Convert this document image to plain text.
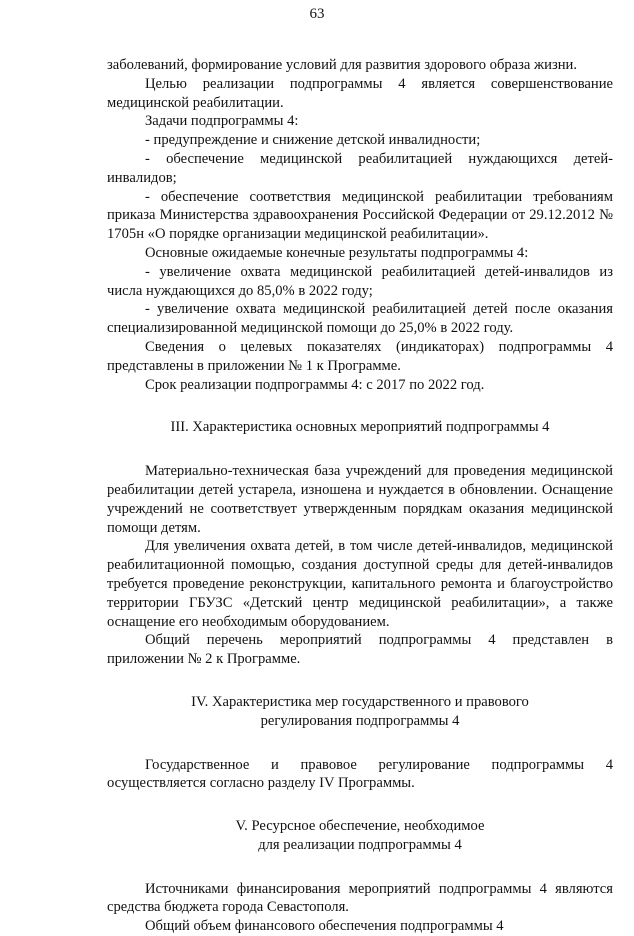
63

заболеваний, формирование условий для развития здорового образа жизни.

Целью реализации подпрограммы 4 является совершенствование медицинской реабилитации.

Задачи подпрограммы 4:

- предупреждение и снижение детской инвалидности;

- обеспечение медицинской реабилитацией нуждающихся детей-инвалидов;

- обеспечение соответствия медицинской реабилитации требованиям приказа Министерства здравоохранения Российской Федерации от 29.12.2012 № 1705н «О порядке организации медицинской реабилитации».

Основные ожидаемые конечные результаты подпрограммы 4:

- увеличение охвата медицинской реабилитацией детей-инвалидов из числа нуждающихся до 85,0% в 2022 году;

- увеличение охвата медицинской реабилитацией детей после оказания специализированной медицинской помощи до 25,0% в 2022 году.

Сведения о целевых показателях (индикаторах) подпрограммы 4 представлены в приложении № 1 к Программе.

Срок реализации подпрограммы 4: с 2017 по 2022 год.

III. Характеристика основных мероприятий подпрограммы 4

Материально-техническая база учреждений для проведения медицинской реабилитации детей устарела, изношена и нуждается в обновлении. Оснащение учреждений не соответствует утвержденным порядкам оказания медицинской помощи детям.

Для увеличения охвата детей, в том числе детей-инвалидов, медицинской реабилитационной помощью, создания доступной среды для детей-инвалидов требуется проведение реконструкции, капитального ремонта и благоустройство территории ГБУЗС «Детский центр медицинской реабилитации», а также оснащение его необходимым оборудованием.

Общий перечень мероприятий подпрограммы 4 представлен в приложении № 2 к Программе.

IV. Характеристика мер государственного и правового
регулирования подпрограммы 4

Государственное и правовое регулирование подпрограммы 4 осуществляется согласно разделу IV Программы.

V. Ресурсное обеспечение, необходимое
для реализации подпрограммы 4

Источниками финансирования мероприятий подпрограммы 4 являются средства бюджета города Севастополя.

Общий объем финансового обеспечения подпрограммы 4
